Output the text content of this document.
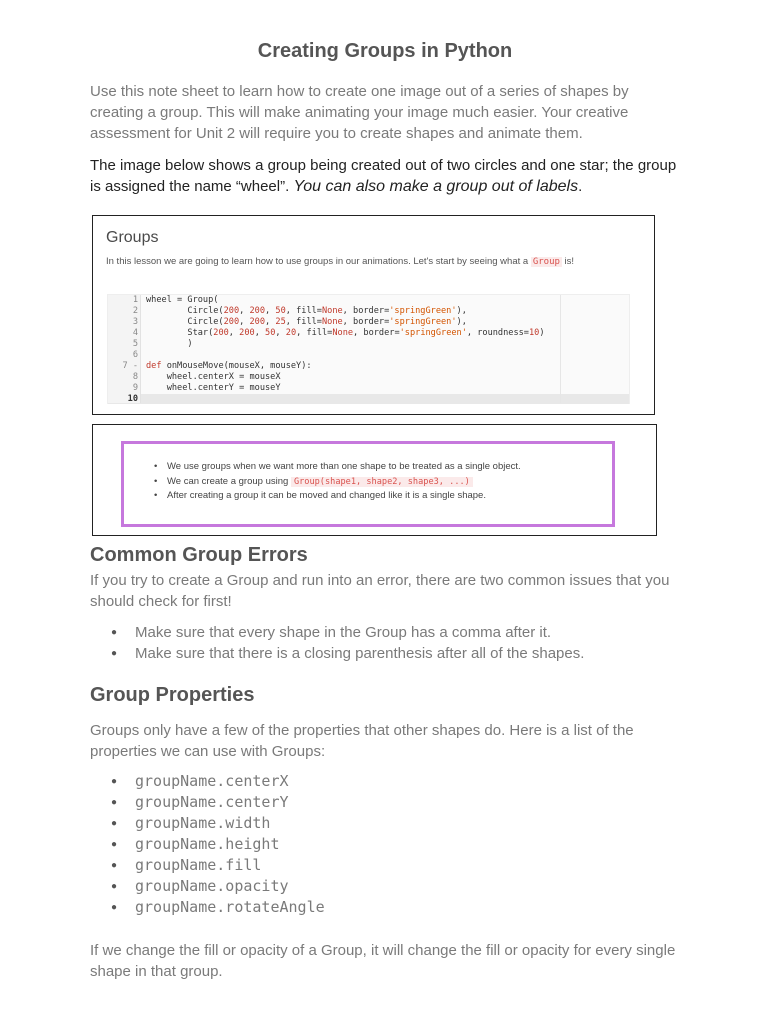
Creating Groups in Python

Use this note sheet to learn how to create one image out of a series of shapes by creating a group. This will make animating your image much easier. Your creative assessment for Unit 2 will require you to create shapes and animate them.

The image below shows a group being created out of two circles and one star; the group is assigned the name “wheel”. You can also make a group out of labels.

Groups

In this lesson we are going to learn how to use groups in our animations. Let's start by seeing what a Group is!

1
2
3
4
5
6
7 -
8
9
10
wheel = Group(
Circle(200, 200, 50, fill=None, border='springGreen'),
Circle(200, 200, 25, fill=None, border='springGreen'),
Star(200, 200, 50, 20, fill=None, border='springGreen', roundness=10)
)
def onMouseMove(mouseX, mouseY):
wheel.centerX = mouseX
wheel.centerY = mouseY
• We use groups when we want more than one shape to be treated as a single object.
• We can create a group using Group(shape1, shape2, shape3, ...)
• After creating a group it can be moved and changed like it is a single shape.
Common Group Errors

If you try to create a Group and run into an error, there are two common issues that you should check for first!

● Make sure that every shape in the Group has a comma after it.
● Make sure that there is a closing parenthesis after all of the shapes.
Group Properties

Groups only have a few of the properties that other shapes do. Here is a list of the properties we can use with Groups:

● groupName.centerX
● groupName.centerY
● groupName.width
● groupName.height
● groupName.fill
● groupName.opacity
● groupName.rotateAngle

If we change the fill or opacity of a Group, it will change the fill or opacity for every single shape in that group.
